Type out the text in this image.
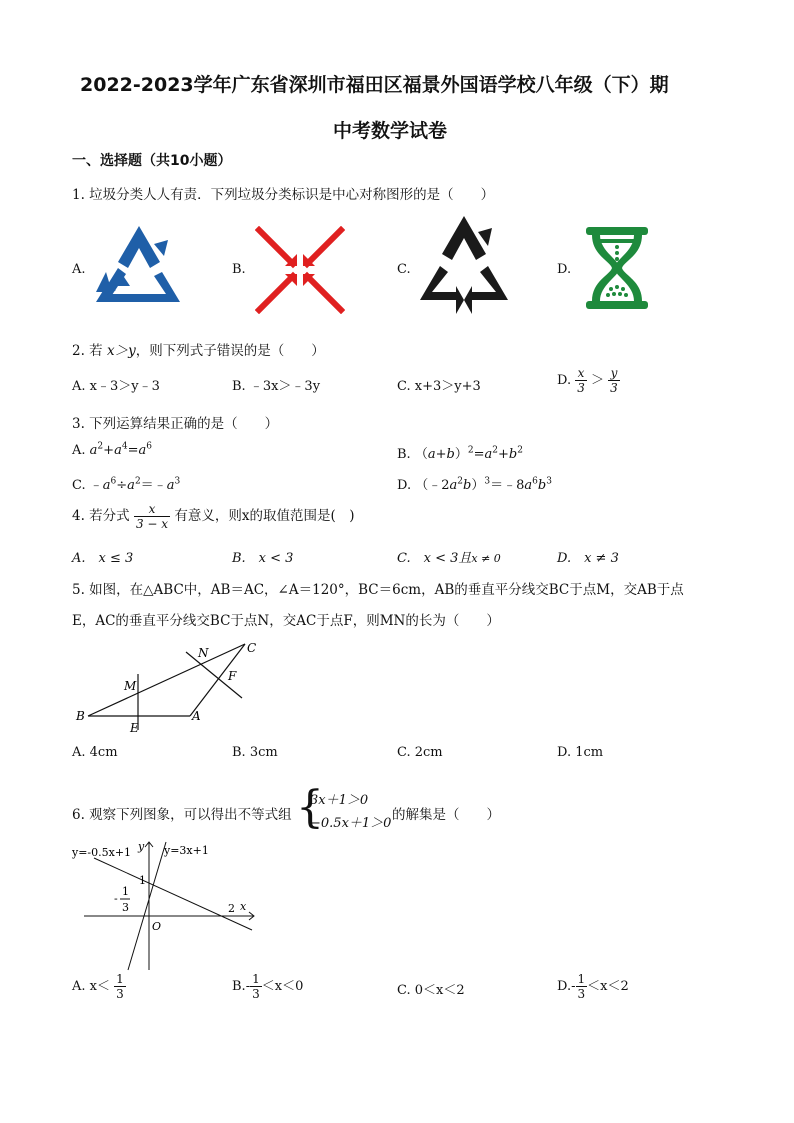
2022-2023学年广东省深圳市福田区福景外国语学校八年级（下）期
中考数学试卷
一、选择题（共10小题）
1. 垃圾分类人人有责．下列垃圾分类标识是中心对称图形的是（　　）
A.	B.	C.	D.
2. 若 x＞y，则下列式子错误的是（　　）
A. x﹣3＞y﹣3	B. ﹣3x＞﹣3y	C. x+3＞y+3	D. $\frac{x}{3} > \frac{y}{3}$
3. 下列运算结果正确的是（　　）
A. $a^2+a^4=a^6$
B. $(a+b)^2=a^2+b^2$
C. $﹣a^6\div a^2=﹣a^3$	D. $(﹣2a^2b)^3=﹣8a^6b^3$
4. 若分式 $\frac{x}{3 - x}$ 有意义，则x的取值范围是(　)
A.　x ≤ 3	B.　x < 3	C.　x < 3且x ≠ 0	D.　x ≠ 3
5. 如图，在△ABC中，AB＝AC，∠A＝120°，BC＝6cm，AB的垂直平分线交BC于点M，交AB于点
E，AC的垂直平分线交BC于点N，交AC于点F，则MN的长为（　　）
B
E
A
M
N
F
C
A. 4cm	B. 3cm	C. 2cm	D. 1cm
6. 观察下列图象，可以得出不等式组 {
3x＋1＞0
−0.5x＋1＞0
的解集是（　　）
y=-0.5x+1	y=3x+1
y
x
O
1
2
-
1
3
A. $x< \frac{1}{3}$	$B.- \frac{1}{3} <x<0$	C. 0＜x＜2	$D.- \frac{1}{3} <x<2$
